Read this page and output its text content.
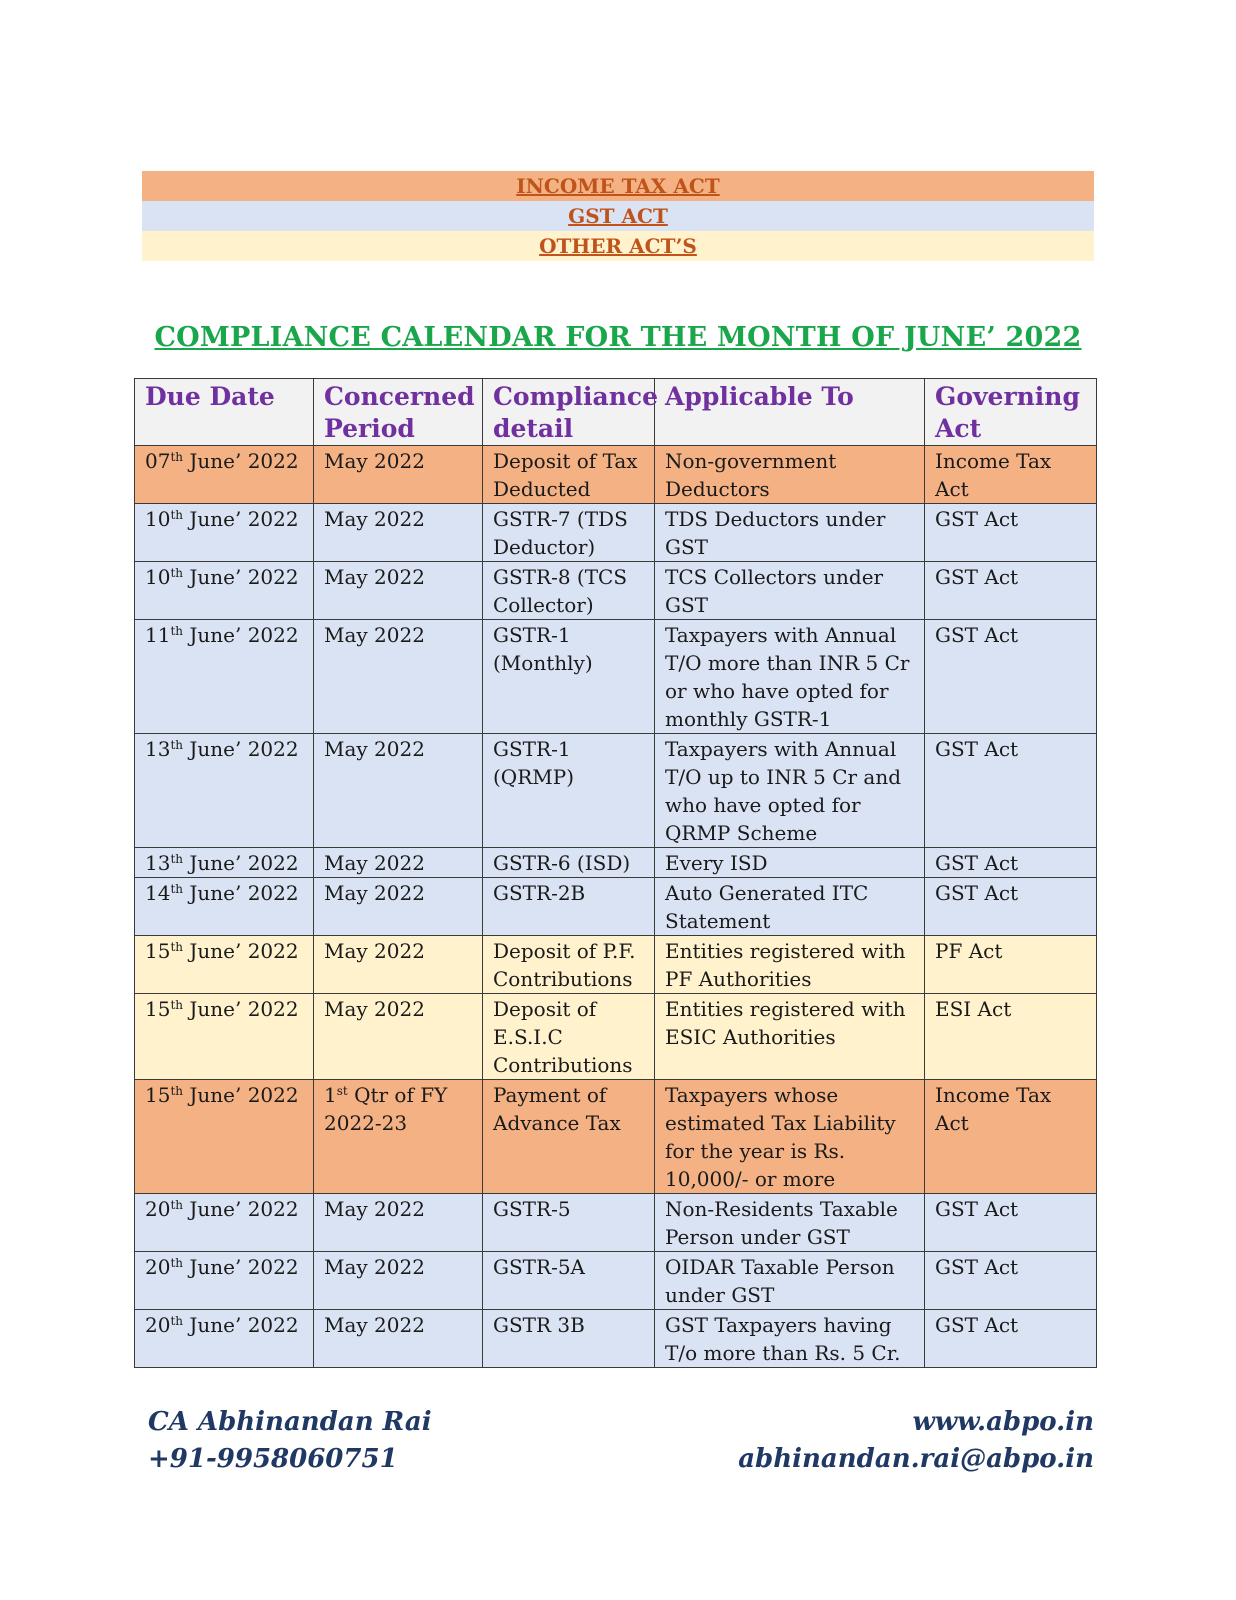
INCOME TAX ACT
GST ACT
OTHER ACT’S
COMPLIANCE CALENDAR FOR THE MONTH OF JUNE’ 2022
Due Date	Concerned Period	Compliance detail	Applicable To	Governing Act
07th June’ 2022	May 2022	Deposit of Tax Deducted	Non-government Deductors	Income Tax Act
10th June’ 2022	May 2022	GSTR-7 (TDS Deductor)	TDS Deductors under GST	GST Act
10th June’ 2022	May 2022	GSTR-8 (TCS Collector)	TCS Collectors under GST	GST Act
11th June’ 2022	May 2022	GSTR-1 (Monthly)	Taxpayers with Annual T/O more than INR 5 Cr or who have opted for monthly GSTR-1	GST Act
13th June’ 2022	May 2022	GSTR-1 (QRMP)	Taxpayers with Annual T/O up to INR 5 Cr and who have opted for QRMP Scheme	GST Act
13th June’ 2022	May 2022	GSTR-6 (ISD)	Every ISD	GST Act
14th June’ 2022	May 2022	GSTR-2B	Auto Generated ITC Statement	GST Act
15th June’ 2022	May 2022	Deposit of P.F. Contributions	Entities registered with PF Authorities	PF Act
15th June’ 2022	May 2022	Deposit of E.S.I.C Contributions	Entities registered with ESIC Authorities	ESI Act
15th June’ 2022	1st Qtr of FY 2022-23	Payment of Advance Tax	Taxpayers whose estimated Tax Liability for the year is Rs. 10,000/- or more	Income Tax Act
20th June’ 2022	May 2022	GSTR-5	Non-Residents Taxable Person under GST	GST Act
20th June’ 2022	May 2022	GSTR-5A	OIDAR Taxable Person under GST	GST Act
20th June’ 2022	May 2022	GSTR 3B	GST Taxpayers having T/o more than Rs. 5 Cr.	GST Act
CA Abhinandan Rai
+91-9958060751
www.abpo.in
abhinandan.rai@abpo.in
